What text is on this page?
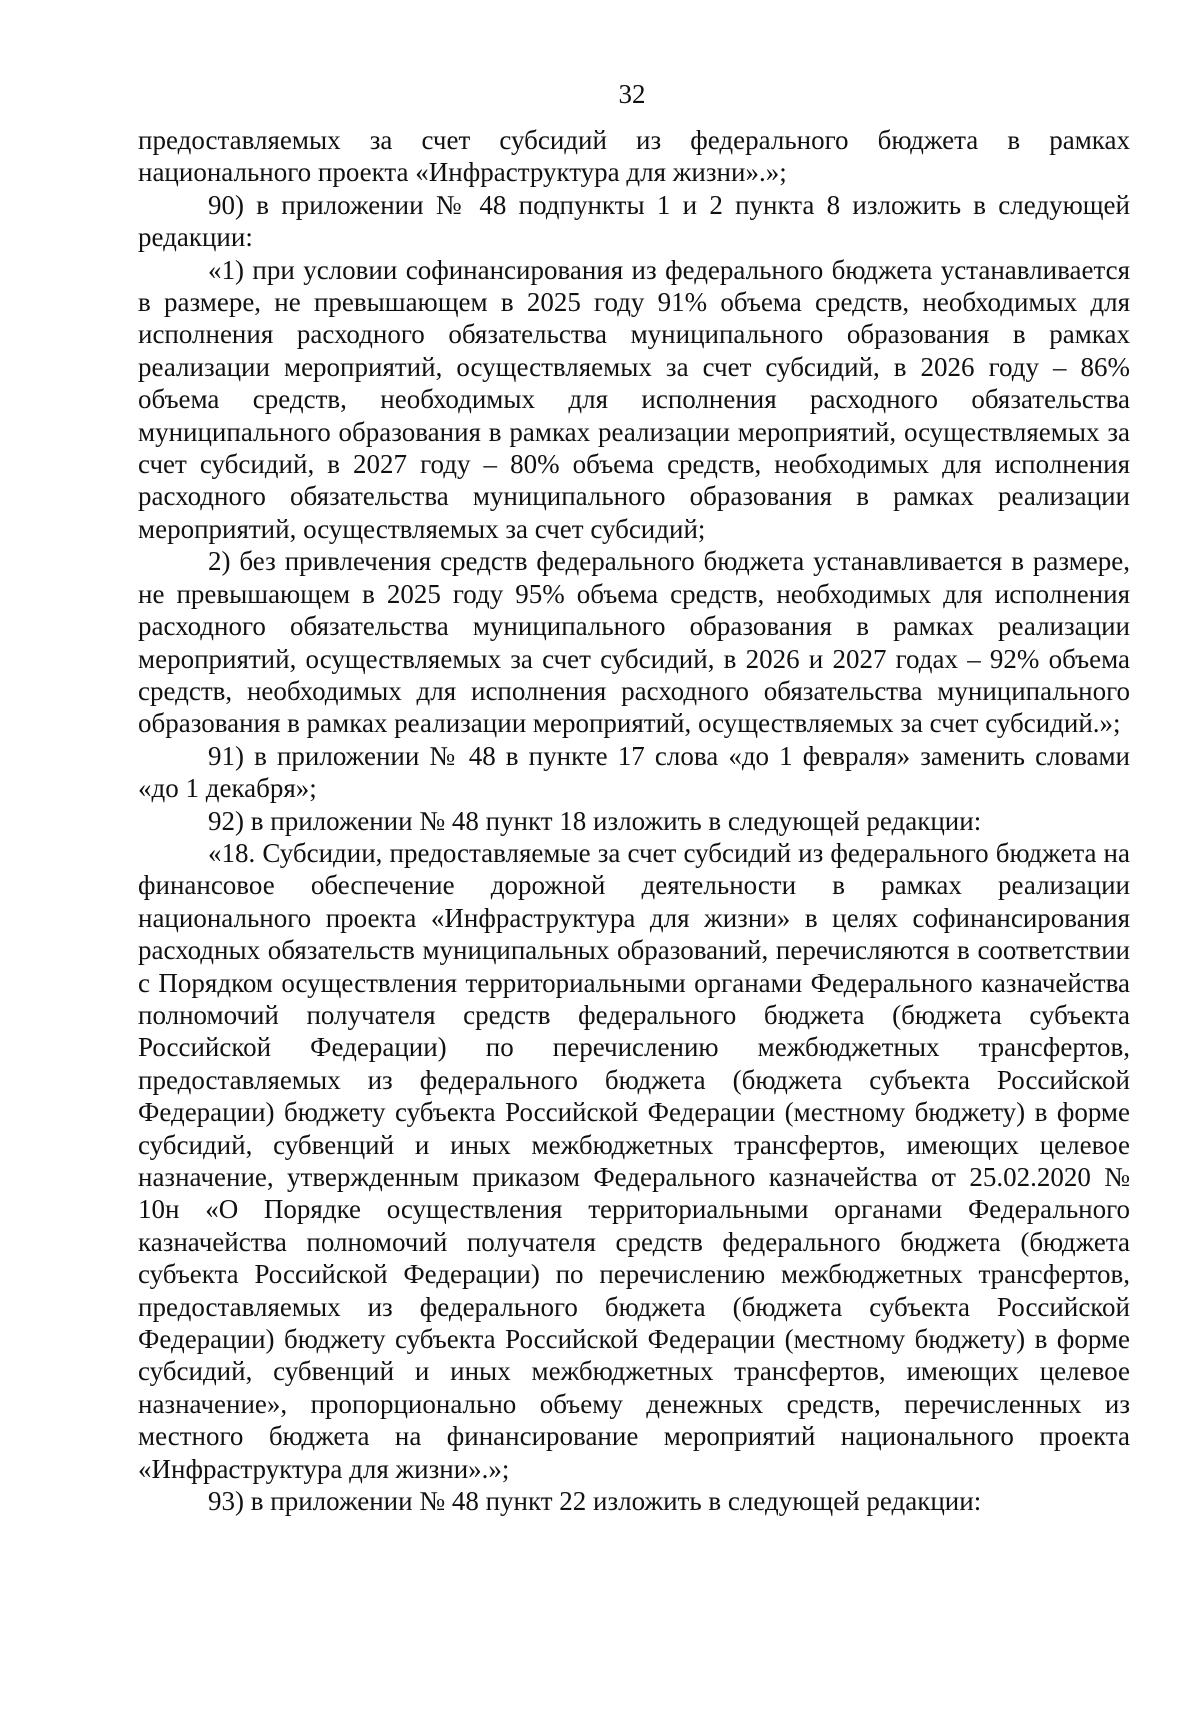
32

предоставляемых за счет субсидий из федерального бюджета в рамках национального проекта «Инфраструктура для жизни».»;

90) в приложении № 48 подпункты 1 и 2 пункта 8 изложить в следующей редакции:

«1) при условии софинансирования из федерального бюджета устанавливается в размере, не превышающем в 2025 году 91% объема средств, необходимых для исполнения расходного обязательства муниципального образования в рамках реализации мероприятий, осуществляемых за счет субсидий, в 2026 году – 86% объема средств, необходимых для исполнения расходного обязательства муниципального образования в рамках реализации мероприятий, осуществляемых за счет субсидий, в 2027 году – 80% объема средств, необходимых для исполнения расходного обязательства муниципального образования в рамках реализации мероприятий, осуществляемых за счет субсидий;

2) без привлечения средств федерального бюджета устанавливается в размере, не превышающем в 2025 году 95% объема средств, необходимых для исполнения расходного обязательства муниципального образования в рамках реализации мероприятий, осуществляемых за счет субсидий, в 2026 и 2027 годах – 92% объема средств, необходимых для исполнения расходного обязательства муниципального образования в рамках реализации мероприятий, осуществляемых за счет субсидий.»;

91) в приложении № 48 в пункте 17 слова «до 1 февраля» заменить словами «до 1 декабря»;

92) в приложении № 48 пункт 18 изложить в следующей редакции:

«18. Субсидии, предоставляемые за счет субсидий из федерального бюджета на финансовое обеспечение дорожной деятельности в рамках реализации национального проекта «Инфраструктура для жизни» в целях софинансирования расходных обязательств муниципальных образований, перечисляются в соответствии с Порядком осуществления территориальными органами Федерального казначейства полномочий получателя средств федерального бюджета (бюджета субъекта Российской Федерации) по перечислению межбюджетных трансфертов, предоставляемых из федерального бюджета (бюджета субъекта Российской Федерации) бюджету субъекта Российской Федерации (местному бюджету) в форме субсидий, субвенций и иных межбюджетных трансфертов, имеющих целевое назначение, утвержденным приказом Федерального казначейства от 25.02.2020 № 10н «О Порядке осуществления территориальными органами Федерального казначейства полномочий получателя средств федерального бюджета (бюджета субъекта Российской Федерации) по перечислению межбюджетных трансфертов, предоставляемых из федерального бюджета (бюджета субъекта Российской Федерации) бюджету субъекта Российской Федерации (местному бюджету) в форме субсидий, субвенций и иных межбюджетных трансфертов, имеющих целевое назначение», пропорционально объему денежных средств, перечисленных из местного бюджета на финансирование мероприятий национального проекта «Инфраструктура для жизни».»;

93) в приложении № 48 пункт 22 изложить в следующей редакции:
